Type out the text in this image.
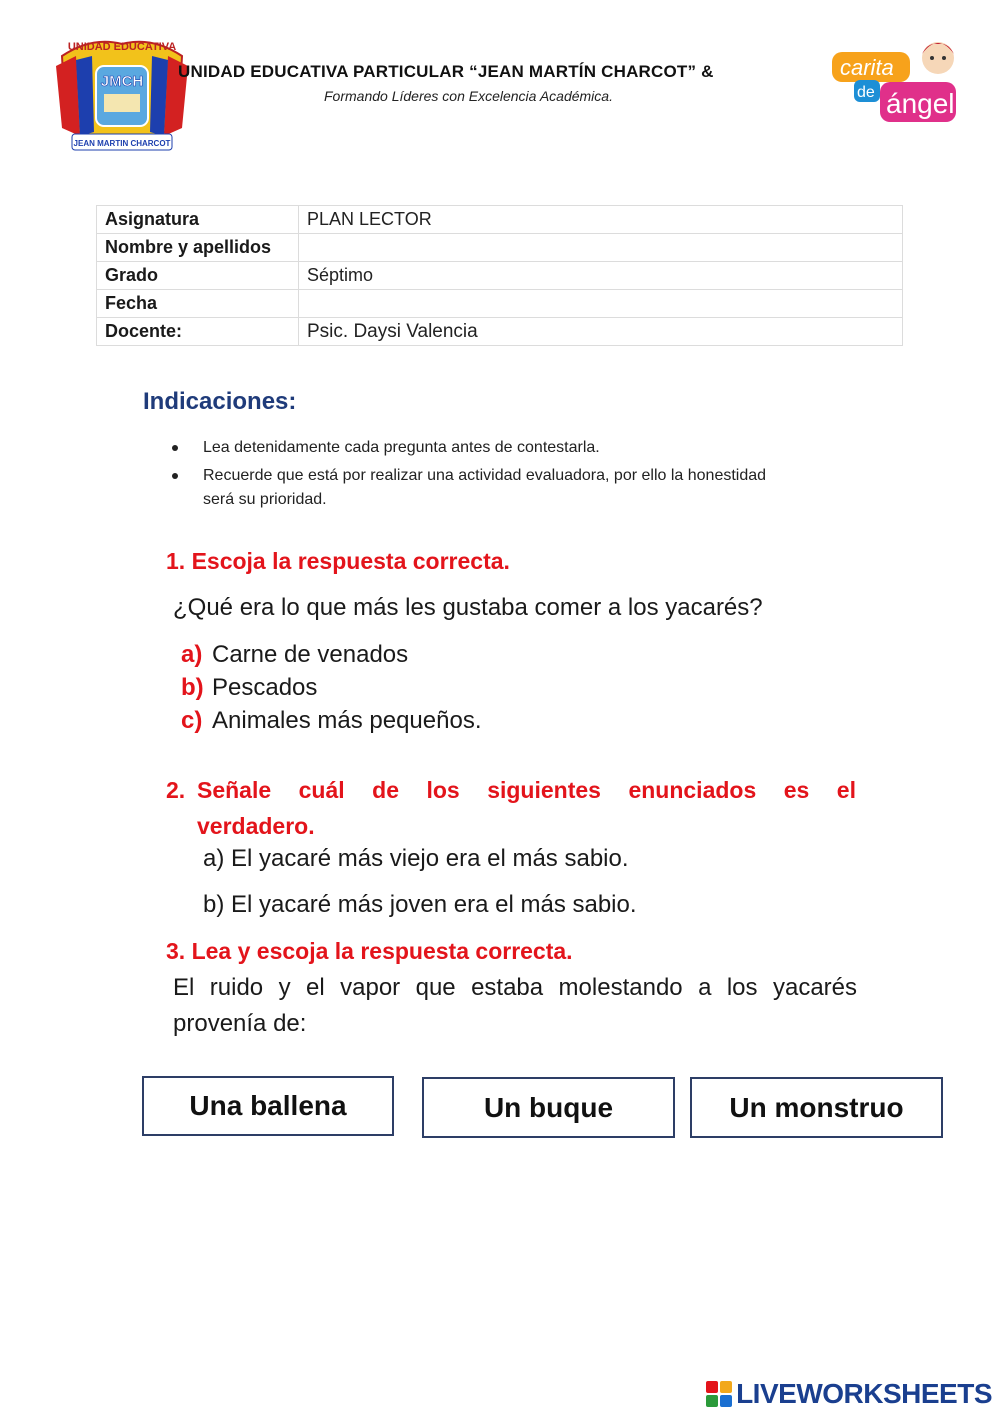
UNIDAD EDUCATIVA
JMCH
JEAN MARTIN CHARCOT
UNIDAD EDUCATIVA PARTICULAR “JEAN MARTÍN CHARCOT” &
Formando Líderes con Excelencia Académica.
carita
de ángel
Asignatura	PLAN LECTOR
Nombre y apellidos	
Grado	Séptimo
Fecha	
Docente:	Psic. Daysi Valencia
Indicaciones:
Lea detenidamente cada pregunta antes de contestarla.
Recuerde que está por realizar una actividad evaluadora, por ello la honestidad
será su prioridad.
1. Escoja la respuesta correcta.
¿Qué era lo que más les gustaba comer a los yacarés?
a) Carne de venados
b) Pescados
c) Animales más pequeños.
2. Señale cuál de los siguientes enunciados es el
verdadero.
a) El yacaré más viejo era el más sabio.
b) El yacaré más joven era el más sabio.
3. Lea y escoja la respuesta correcta.
El ruido y el vapor que estaba molestando a los yacarés
provenía de:
Una ballena	Un buque	Un monstruo
LIVEWORKSHEETS
